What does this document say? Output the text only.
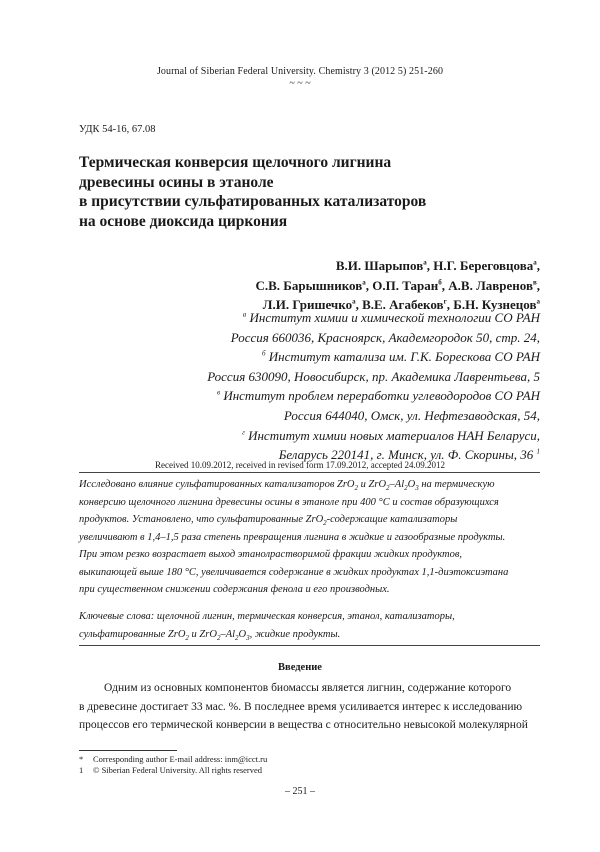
Journal of Siberian Federal University. Chemistry 3 (2012 5) 251-260
~ ~ ~
УДК 54-16, 67.08
Термическая конверсия щелочного лигнина
древесины осины в этаноле
в присутствии сульфатированных катализаторов
на основе диоксида циркония
В.И. Шарыпов$^а$, Н.Г. Береговцова$^а$,
С.В. Барышников$^а$, О.П. Таран$^б$, А.В. Лавренов$^в$,
Л.И. Гришечко$^а$, В.Е. Агабеков$^г$, Б.Н. Кузнецов$^а$
$^а$ Институт химии и химической технологии СО РАН
Россия 660036, Красноярск, Академгородок 50, стр. 24,
$^б$ Институт катализа им. Г.К. Борескова СО РАН
Россия 630090, Новосибирск, пр. Академика Лаврентьева, 5
$^в$ Институт проблем переработки углеводородов СО РАН
Россия 644040, Омск, ул. Нефтезаводская, 54,
$^г$ Институт химии новых материалов НАН Беларуси,
Беларусь 220141, г. Минск, ул. Ф. Скорины, 36 $^1$
Received 10.09.2012, received in revised form 17.09.2012, accepted 24.09.2012
Исследовано влияние сульфатированных катализаторов ZrO$_2$ и $ZrO_2-Al_2O_3$ на термическую
конверсию щелочного лигнина древесины осины в этаноле при 400 °С и состав образующихся
продуктов. Установлено, что сульфатированные ZrO$_2$-содержащие катализаторы
увеличивают в 1,4–1,5 раза степень превращения лигнина в жидкие и газообразные продукты.
При этом резко возрастает выход этанолрастворимой фракции жидких продуктов,
выкипающей выше 180 °С, увеличивается содержание в жидких продуктах 1,1-диэтоксиэтана
при существенном снижении содержания фенола и его производных.
Ключевые слова: щелочной лигнин, термическая конверсия, этанол, катализаторы,
сульфатированные ZrO$_2$ и $ZrO_2-Al_2O_3$, жидкие продукты.
Введение
Одним из основных компонентов биомассы является лигнин, содержание которого
в древесине достигает 33 мас. %. В последнее время усиливается интерес к исследованию
процессов его термической конверсии в вещества с относительно невысокой молекулярной
*	Corresponding author E-mail address: inm@icct.ru
1	© Siberian Federal University. All rights reserved
– 251 –
